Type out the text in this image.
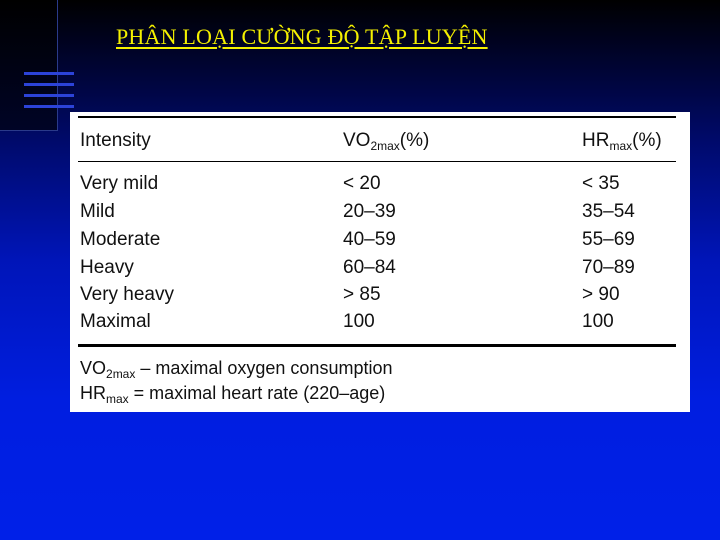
PHÂN LOẠI CƯỜNG ĐỘ TẬP LUYỆN
Intensity	$VO_{2max}(\%)$	$HR_{max}(\%)$
Very mild	< 20	< 35
Mild	20–39	35–54
Moderate	40–59	55–69
Heavy	60–84	70–89
Very heavy	> 85	> 90
Maximal	100	100
$VO_{2max}$ – maximal oxygen consumption
$HR_{max}$ = maximal heart rate (220–age)
